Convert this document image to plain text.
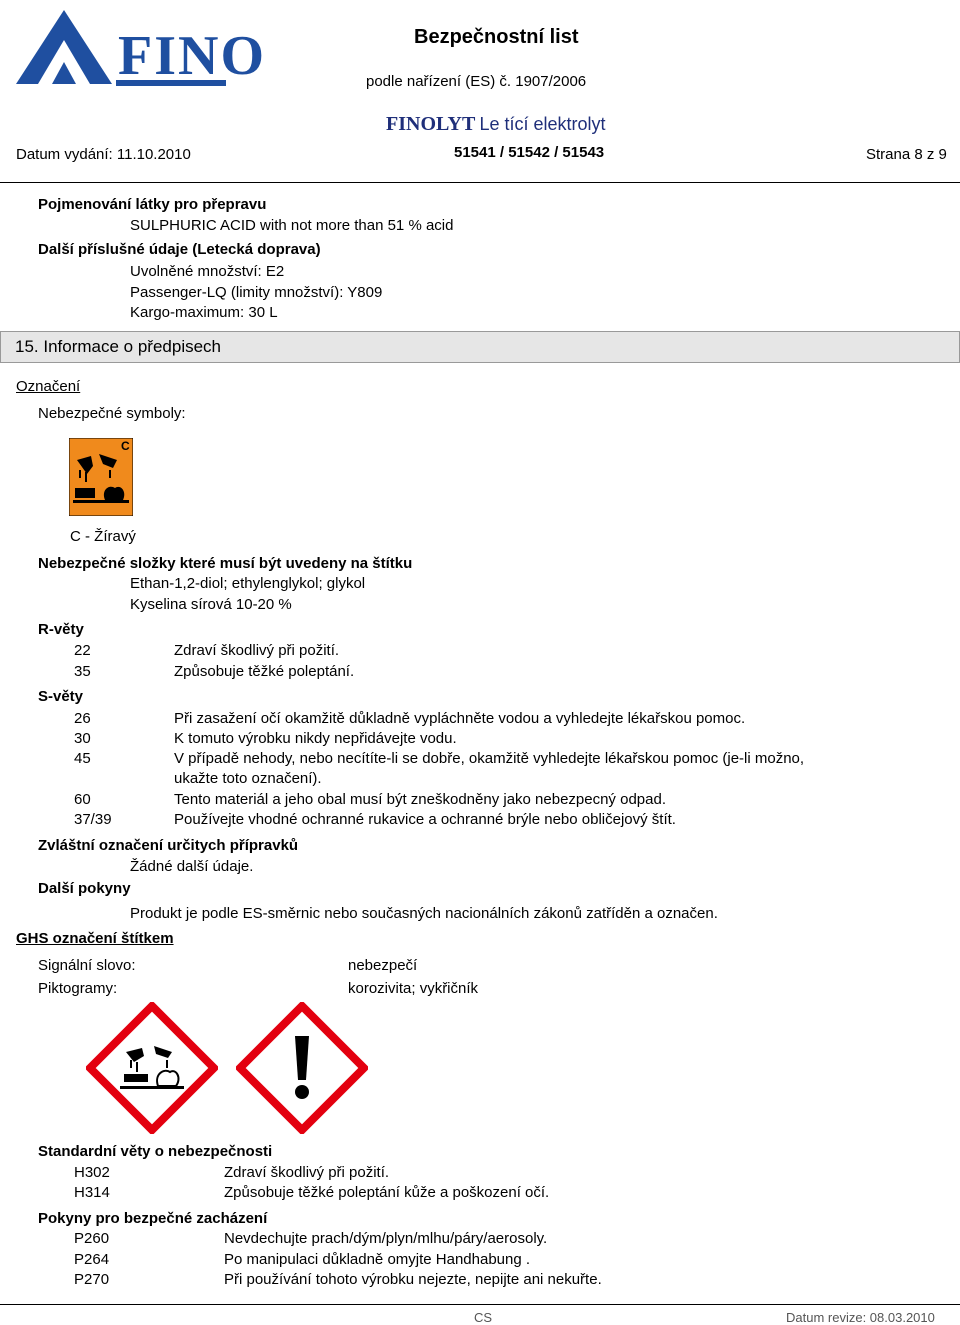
FINO	Bezpečnostní list
podle nařízení (ES) č. 1907/2006
FINOLYT Le tící elektrolyt
Datum vydání: 11.10.2010	51541 / 51542 / 51543	Strana 8 z 9
Pojmenování látky pro přepravu
SULPHURIC ACID with not more than 51 % acid
Další příslušné údaje (Letecká doprava)
Uvolněné množství: E2
Passenger-LQ (limity množství): Y809
Kargo-maximum: 30 L
15. Informace o předpisech
Označení
Nebezpečné symboly:
C
C - Žíravý
Nebezpečné složky které musí být uvedeny na štítku
Ethan-1,2-diol; ethylenglykol; glykol
Kyselina sírová 10-20 %
R-věty
22	Zdraví škodlivý při požití.
35	Způsobuje těžké poleptání.
S-věty
26	Při zasažení očí okamžitě důkladně vypláchněte vodou a vyhledejte lékařskou pomoc.
30	K tomuto výrobku nikdy nepřidávejte vodu.
45	V případě nehody, nebo necítíte-li se dobře, okamžitě vyhledejte lékařskou pomoc (je-li možno,
ukažte toto označení).
60	Tento materiál a jeho obal musí být zneškodněny jako nebezpecný odpad.
37/39	Používejte vhodné ochranné rukavice a ochranné brýle nebo obličejový štít.
Zvláštní označení určitych přípravků
Žádné další údaje.
Další pokyny
Produkt je podle ES-směrnic nebo současných nacionálních zákonů zatříděn a označen.
GHS označení štítkem
Signální slovo:	nebezpečí
Piktogramy:	korozivita; vykřičník
Standardní věty o nebezpečnosti
H302	Zdraví škodlivý při požití.
H314	Způsobuje těžké poleptání kůže a poškození očí.
Pokyny pro bezpečné zacházení
P260	Nevdechujte prach/dým/plyn/mlhu/páry/aerosoly.
P264	Po manipulaci důkladně omyjte Handhabung .
P270	Při používání tohoto výrobku nejezte, nepijte ani nekuřte.
CS	Datum revize: 08.03.2010
